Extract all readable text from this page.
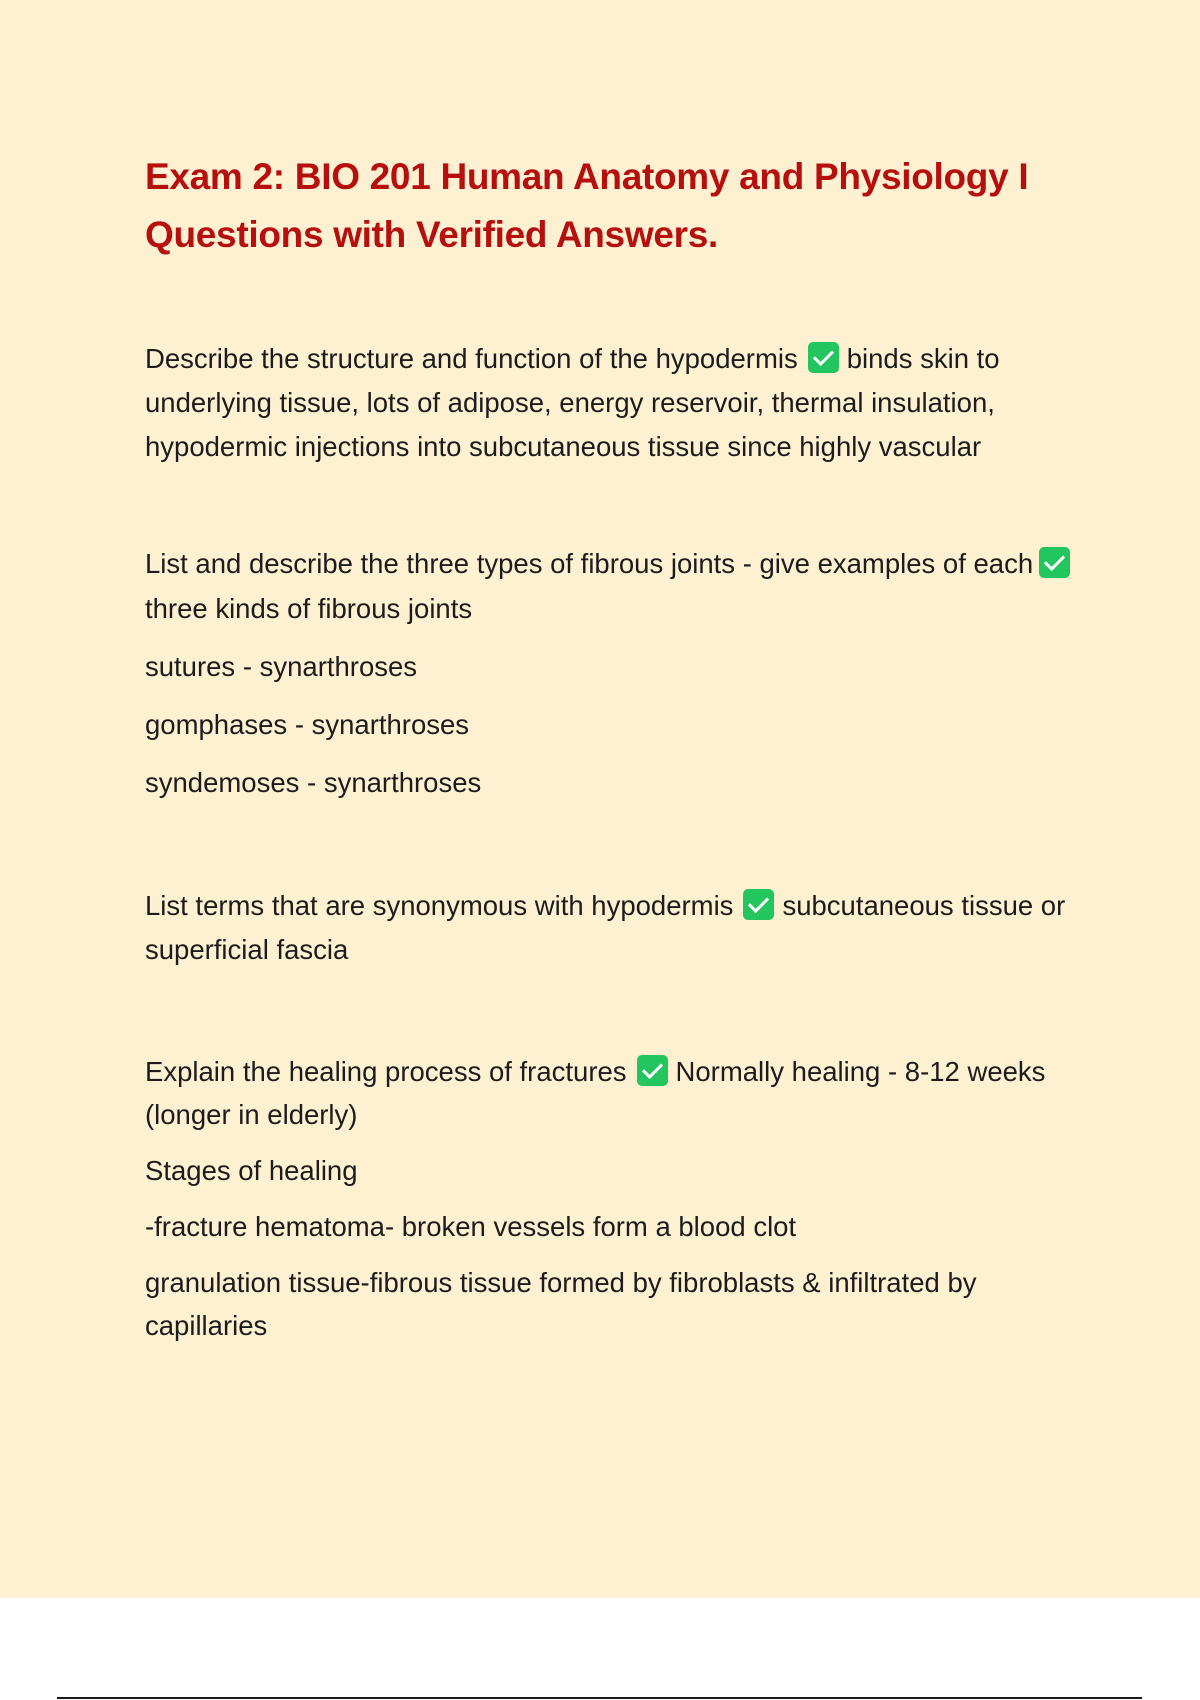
Exam 2: BIO 201 Human Anatomy and Physiology I Questions with Verified Answers.

Describe the structure and function of the hypodermis binds skin to underlying tissue, lots of adipose, energy reservoir, thermal insulation, hypodermic injections into subcutaneous tissue since highly vascular

List and describe the three types of fibrous joints - give examples of eachthree kinds of fibrous joints

sutures - synarthroses

gomphases - synarthroses

syndemoses - synarthroses

List terms that are synonymous with hypodermis subcutaneous tissue or superficial fascia

Explain the healing process of fractures Normally healing - 8-12 weeks (longer in elderly)

Stages of healing

-fracture hematoma- broken vessels form a blood clot

granulation tissue-fibrous tissue formed by fibroblasts & infiltrated by capillaries
